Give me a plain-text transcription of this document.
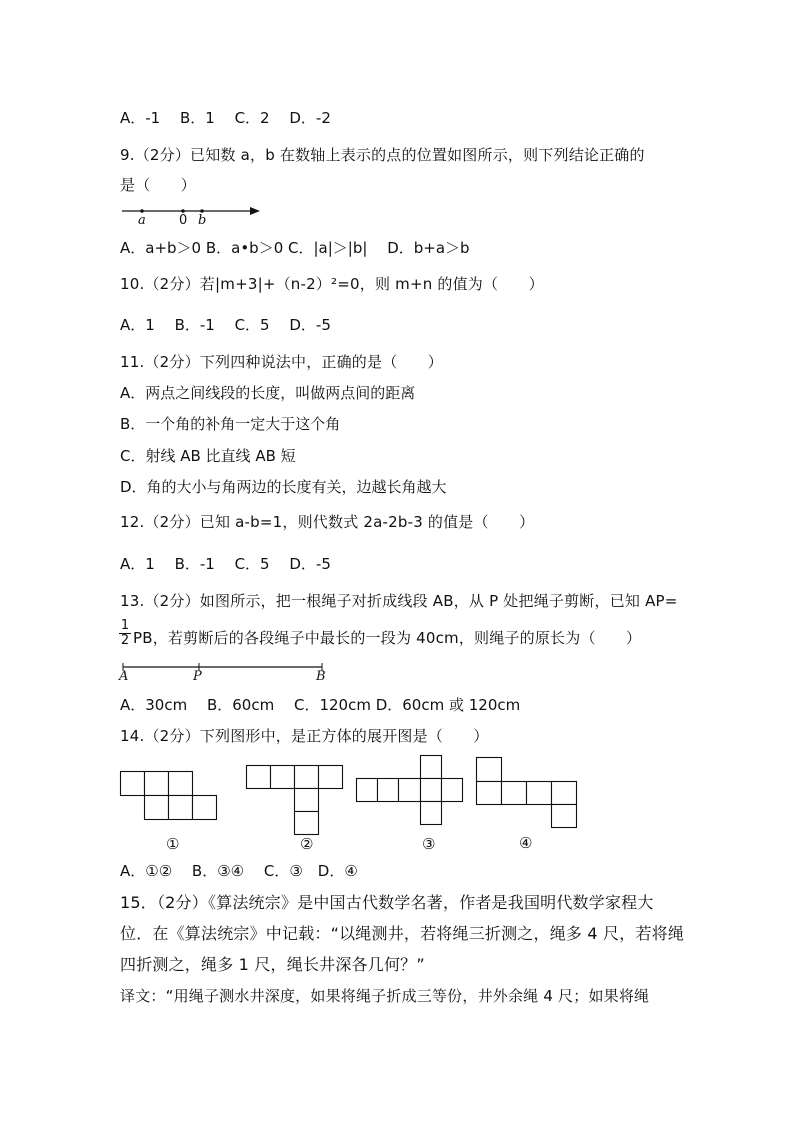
A．-1　 B．1　 C．2　 D．-2
9.（2分）已知数 a，b 在数轴上表示的点的位置如图所示，则下列结论正确的
是（　　）
a	0 b
A．a+b＞0 B．a•b＞0 C．|a|＞|b|　 D．b+a＞b
10.（2分）若|m+3|+（n-2）²=0，则 m+n 的值为（　　）
A．1　 B．-1　 C．5　 D．-5
11.（2分）下列四种说法中，正确的是（　　）
A．两点之间线段的长度，叫做两点间的距离
B．一个角的补角一定大于这个角
C．射线 AB 比直线 AB 短
D．角的大小与角两边的长度有关，边越长角越大
12.（2分）已知 a-b=1，则代数式 2a-2b-3 的值是（　　）
A．1　 B．-1　 C．5　 D．-5
13.（2分）如图所示，把一根绳子对折成线段 AB，从 P 处把绳子剪断，已知 AP=
1
2 PB，若剪断后的各段绳子中最长的一段为 40cm，则绳子的原长为（　　）
A	P	B
A．30cm　 B．60cm　 C．120cm D．60cm 或 120cm
14.（2分）下列图形中，是正方体的展开图是（　　）
①	②	③	④
A．①②　 B．③④　 C．③　D．④
15．（2分）《算法统宗》是中国古代数学名著，作者是我国明代数学家程大
位．在《算法统宗》中记载：“以绳测井，若将绳三折测之，绳多 4 尺，若将绳
四折测之，绳多 1 尺，绳长井深各几何？”
译文：“用绳子测水井深度，如果将绳子折成三等份，井外余绳 4 尺；如果将绳
